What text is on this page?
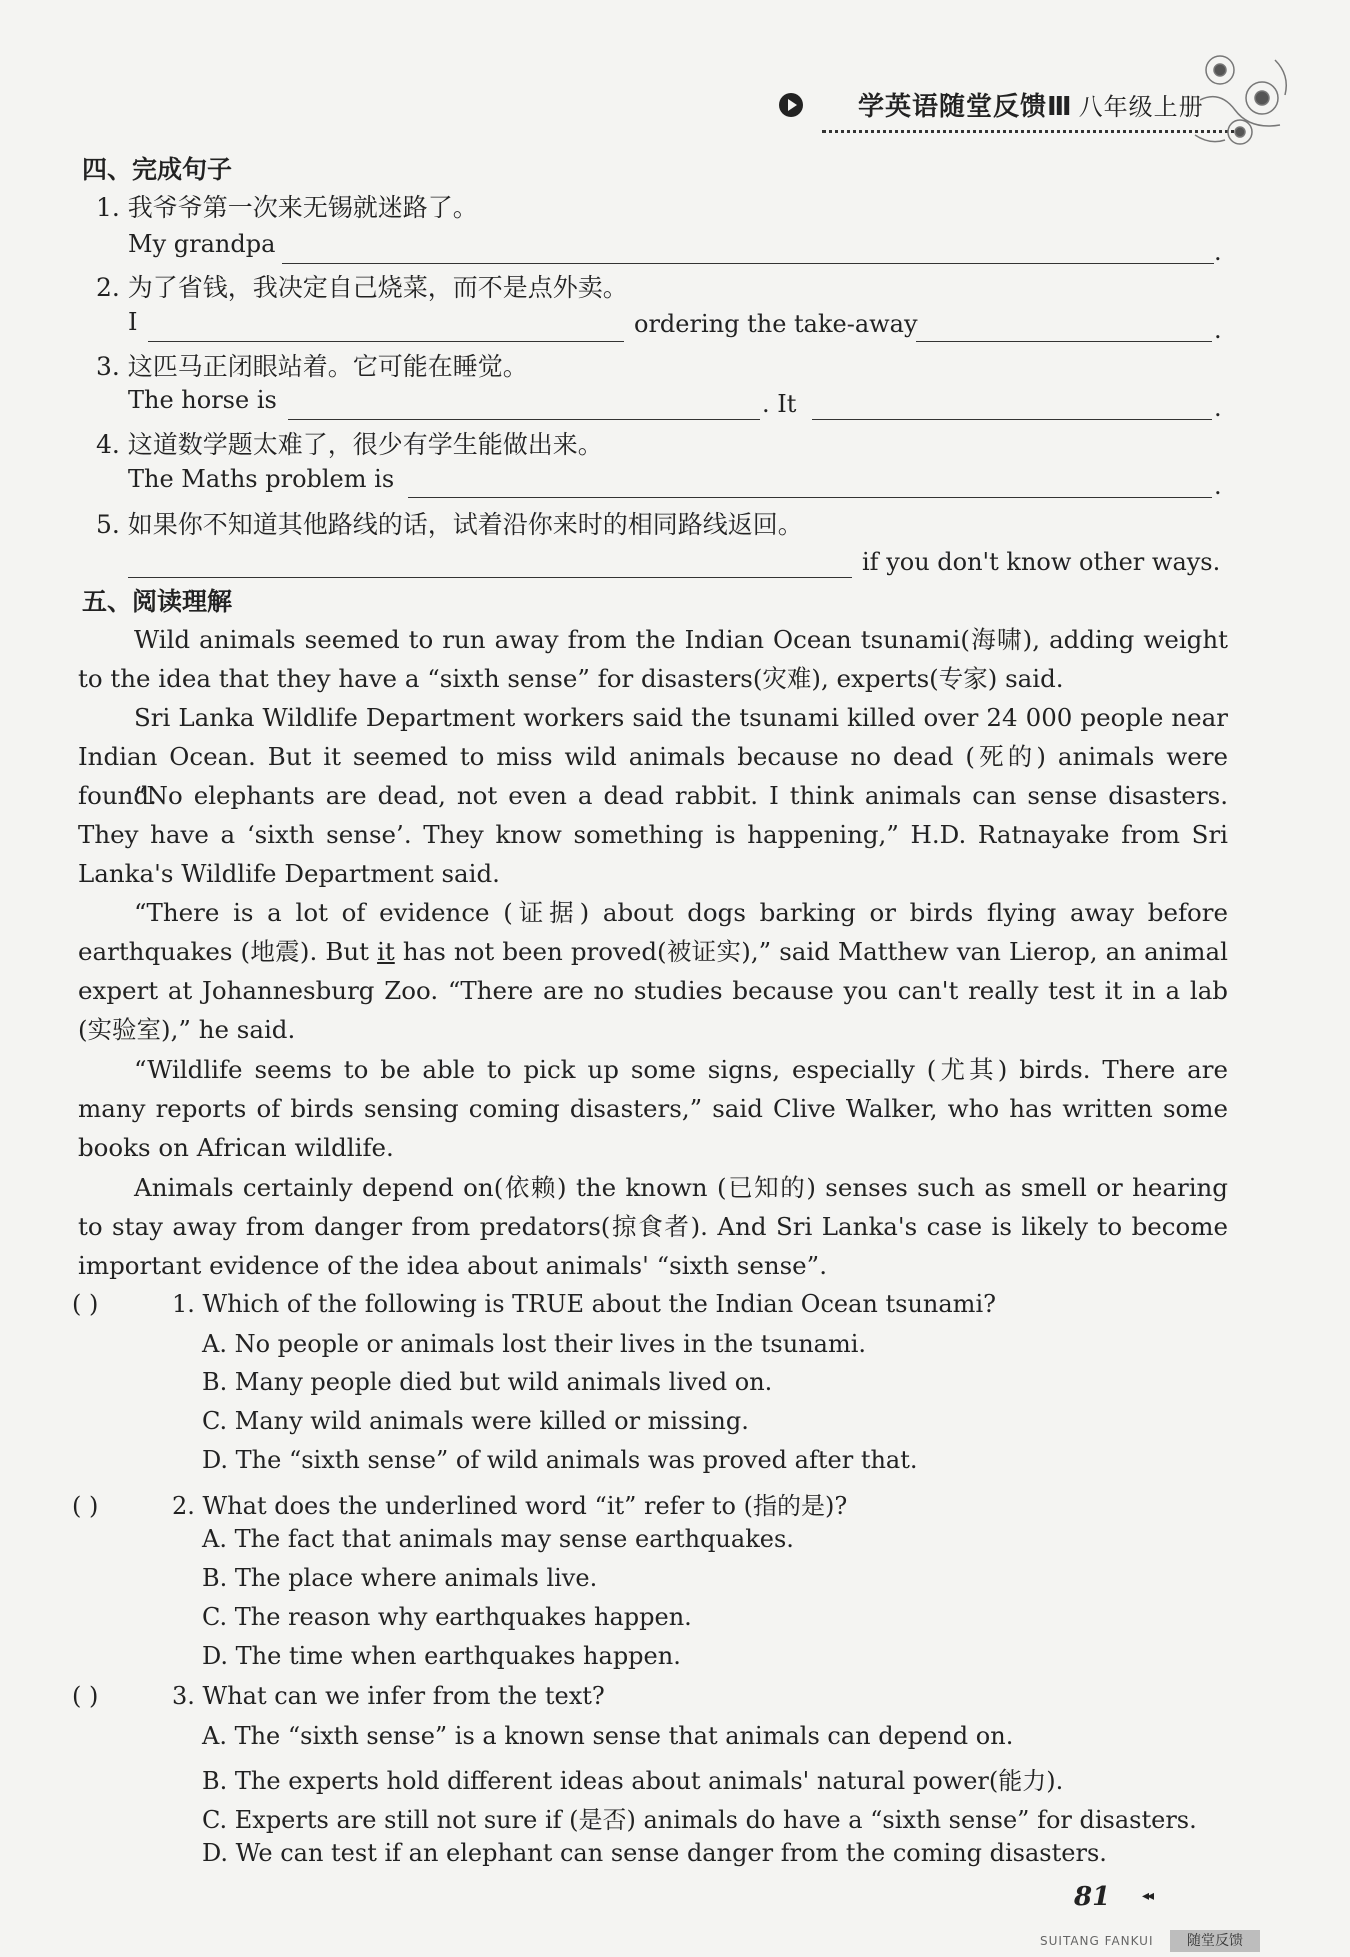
学英语随堂反馈Ⅲ 八年级上册
四、完成句子
1. 我爷爷第一次来无锡就迷路了。
My grandpa	.
2. 为了省钱，我决定自己烧菜，而不是点外卖。
I	ordering the take-away	.
3. 这匹马正闭眼站着。它可能在睡觉。
The horse is	. It	.
4. 这道数学题太难了，很少有学生能做出来。
The Maths problem is	.
5. 如果你不知道其他路线的话，试着沿你来时的相同路线返回。
if you don't know other ways.
五、阅读理解

Wild animals seemed to run away from the Indian Ocean tsunami(海啸), adding weight to the idea that they have a “sixth sense” for disasters(灾难), experts(专家) said.

Sri Lanka Wildlife Department workers said the tsunami killed over 24 000 people near Indian Ocean. But it seemed to miss wild animals because no dead (死的) animals were found.

“No elephants are dead, not even a dead rabbit. I think animals can sense disasters. They have a ‘sixth sense’. They know something is happening,” H.D. Ratnayake from Sri Lanka's Wildlife Department said.

“There is a lot of evidence (证据) about dogs barking or birds flying away before earthquakes (地震). But it has not been proved(被证实),” said Matthew van Lierop, an animal expert at Johannesburg Zoo. “There are no studies because you can't really test it in a lab (实验室),” he said.

“Wildlife seems to be able to pick up some signs, especially (尤其) birds. There are many reports of birds sensing coming disasters,” said Clive Walker, who has written some books on African wildlife.

Animals certainly depend on(依赖) the known (已知的) senses such as smell or hearing to stay away from danger from predators(掠食者). And Sri Lanka's case is likely to become important evidence of the idea about animals' “sixth sense”.

( )	1. Which of the following is TRUE about the Indian Ocean tsunami?
A. No people or animals lost their lives in the tsunami.
B. Many people died but wild animals lived on.
C. Many wild animals were killed or missing.
D. The “sixth sense” of wild animals was proved after that.
( )	2. What does the underlined word “it” refer to (指的是)?
A. The fact that animals may sense earthquakes.
B. The place where animals live.
C. The reason why earthquakes happen.
D. The time when earthquakes happen.
( )	3. What can we infer from the text?
A. The “sixth sense” is a known sense that animals can depend on.
B. The experts hold different ideas about animals' natural power(能力).
C. Experts are still not sure if (是否) animals do have a “sixth sense” for disasters.
D. We can test if an elephant can sense danger from the coming disasters.
81 ◂◂
SUITANG FANKUI	随堂反馈
